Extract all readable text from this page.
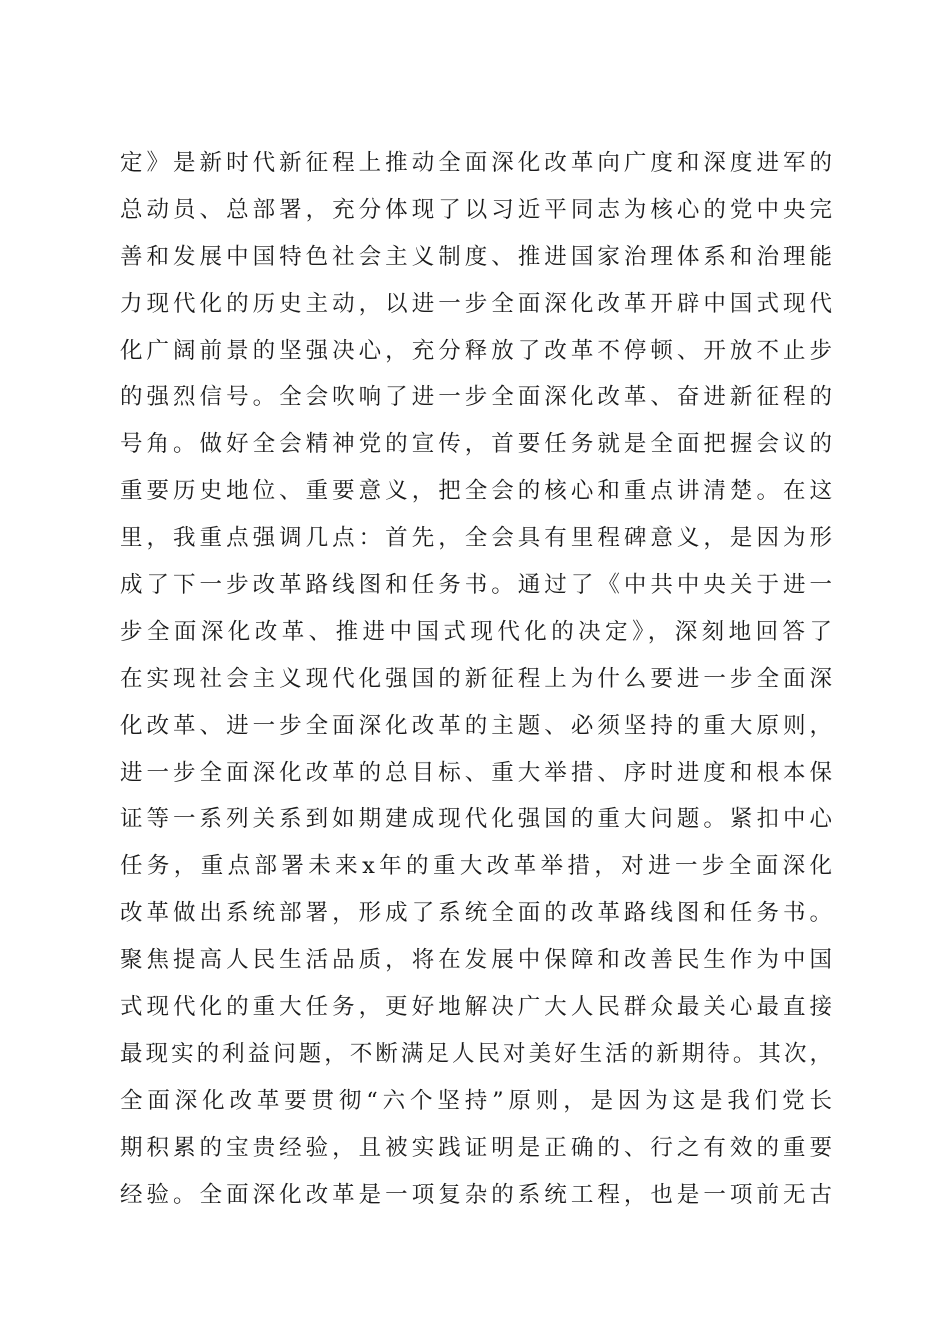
定》是新时代新征程上推动全面深化改革向广度和深度进军的
总动员、总部署，充分体现了以习近平同志为核心的党中央完
善和发展中国特色社会主义制度、推进国家治理体系和治理能
力现代化的历史主动，以进一步全面深化改革开辟中国式现代
化广阔前景的坚强决心，充分释放了改革不停顿、开放不止步
的强烈信号。全会吹响了进一步全面深化改革、奋进新征程的
号角。做好全会精神党的宣传，首要任务就是全面把握会议的
重要历史地位、重要意义，把全会的核心和重点讲清楚。在这
里，我重点强调几点：首先，全会具有里程碑意义，是因为形
成了下一步改革路线图和任务书。通过了《中共中央关于进一
步全面深化改革、推进中国式现代化的决定》，深刻地回答了
在实现社会主义现代化强国的新征程上为什么要进一步全面深
化改革、进一步全面深化改革的主题、必须坚持的重大原则，
进一步全面深化改革的总目标、重大举措、序时进度和根本保
证等一系列关系到如期建成现代化强国的重大问题。紧扣中心
任务，重点部署未来x年的重大改革举措，对进一步全面深化
改革做出系统部署，形成了系统全面的改革路线图和任务书。
聚焦提高人民生活品质，将在发展中保障和改善民生作为中国
式现代化的重大任务，更好地解决广大人民群众最关心最直接
最现实的利益问题，不断满足人民对美好生活的新期待。其次，
全面深化改革要贯彻“六个坚持”原则，是因为这是我们党长
期积累的宝贵经验，且被实践证明是正确的、行之有效的重要
经验。全面深化改革是一项复杂的系统工程，也是一项前无古
